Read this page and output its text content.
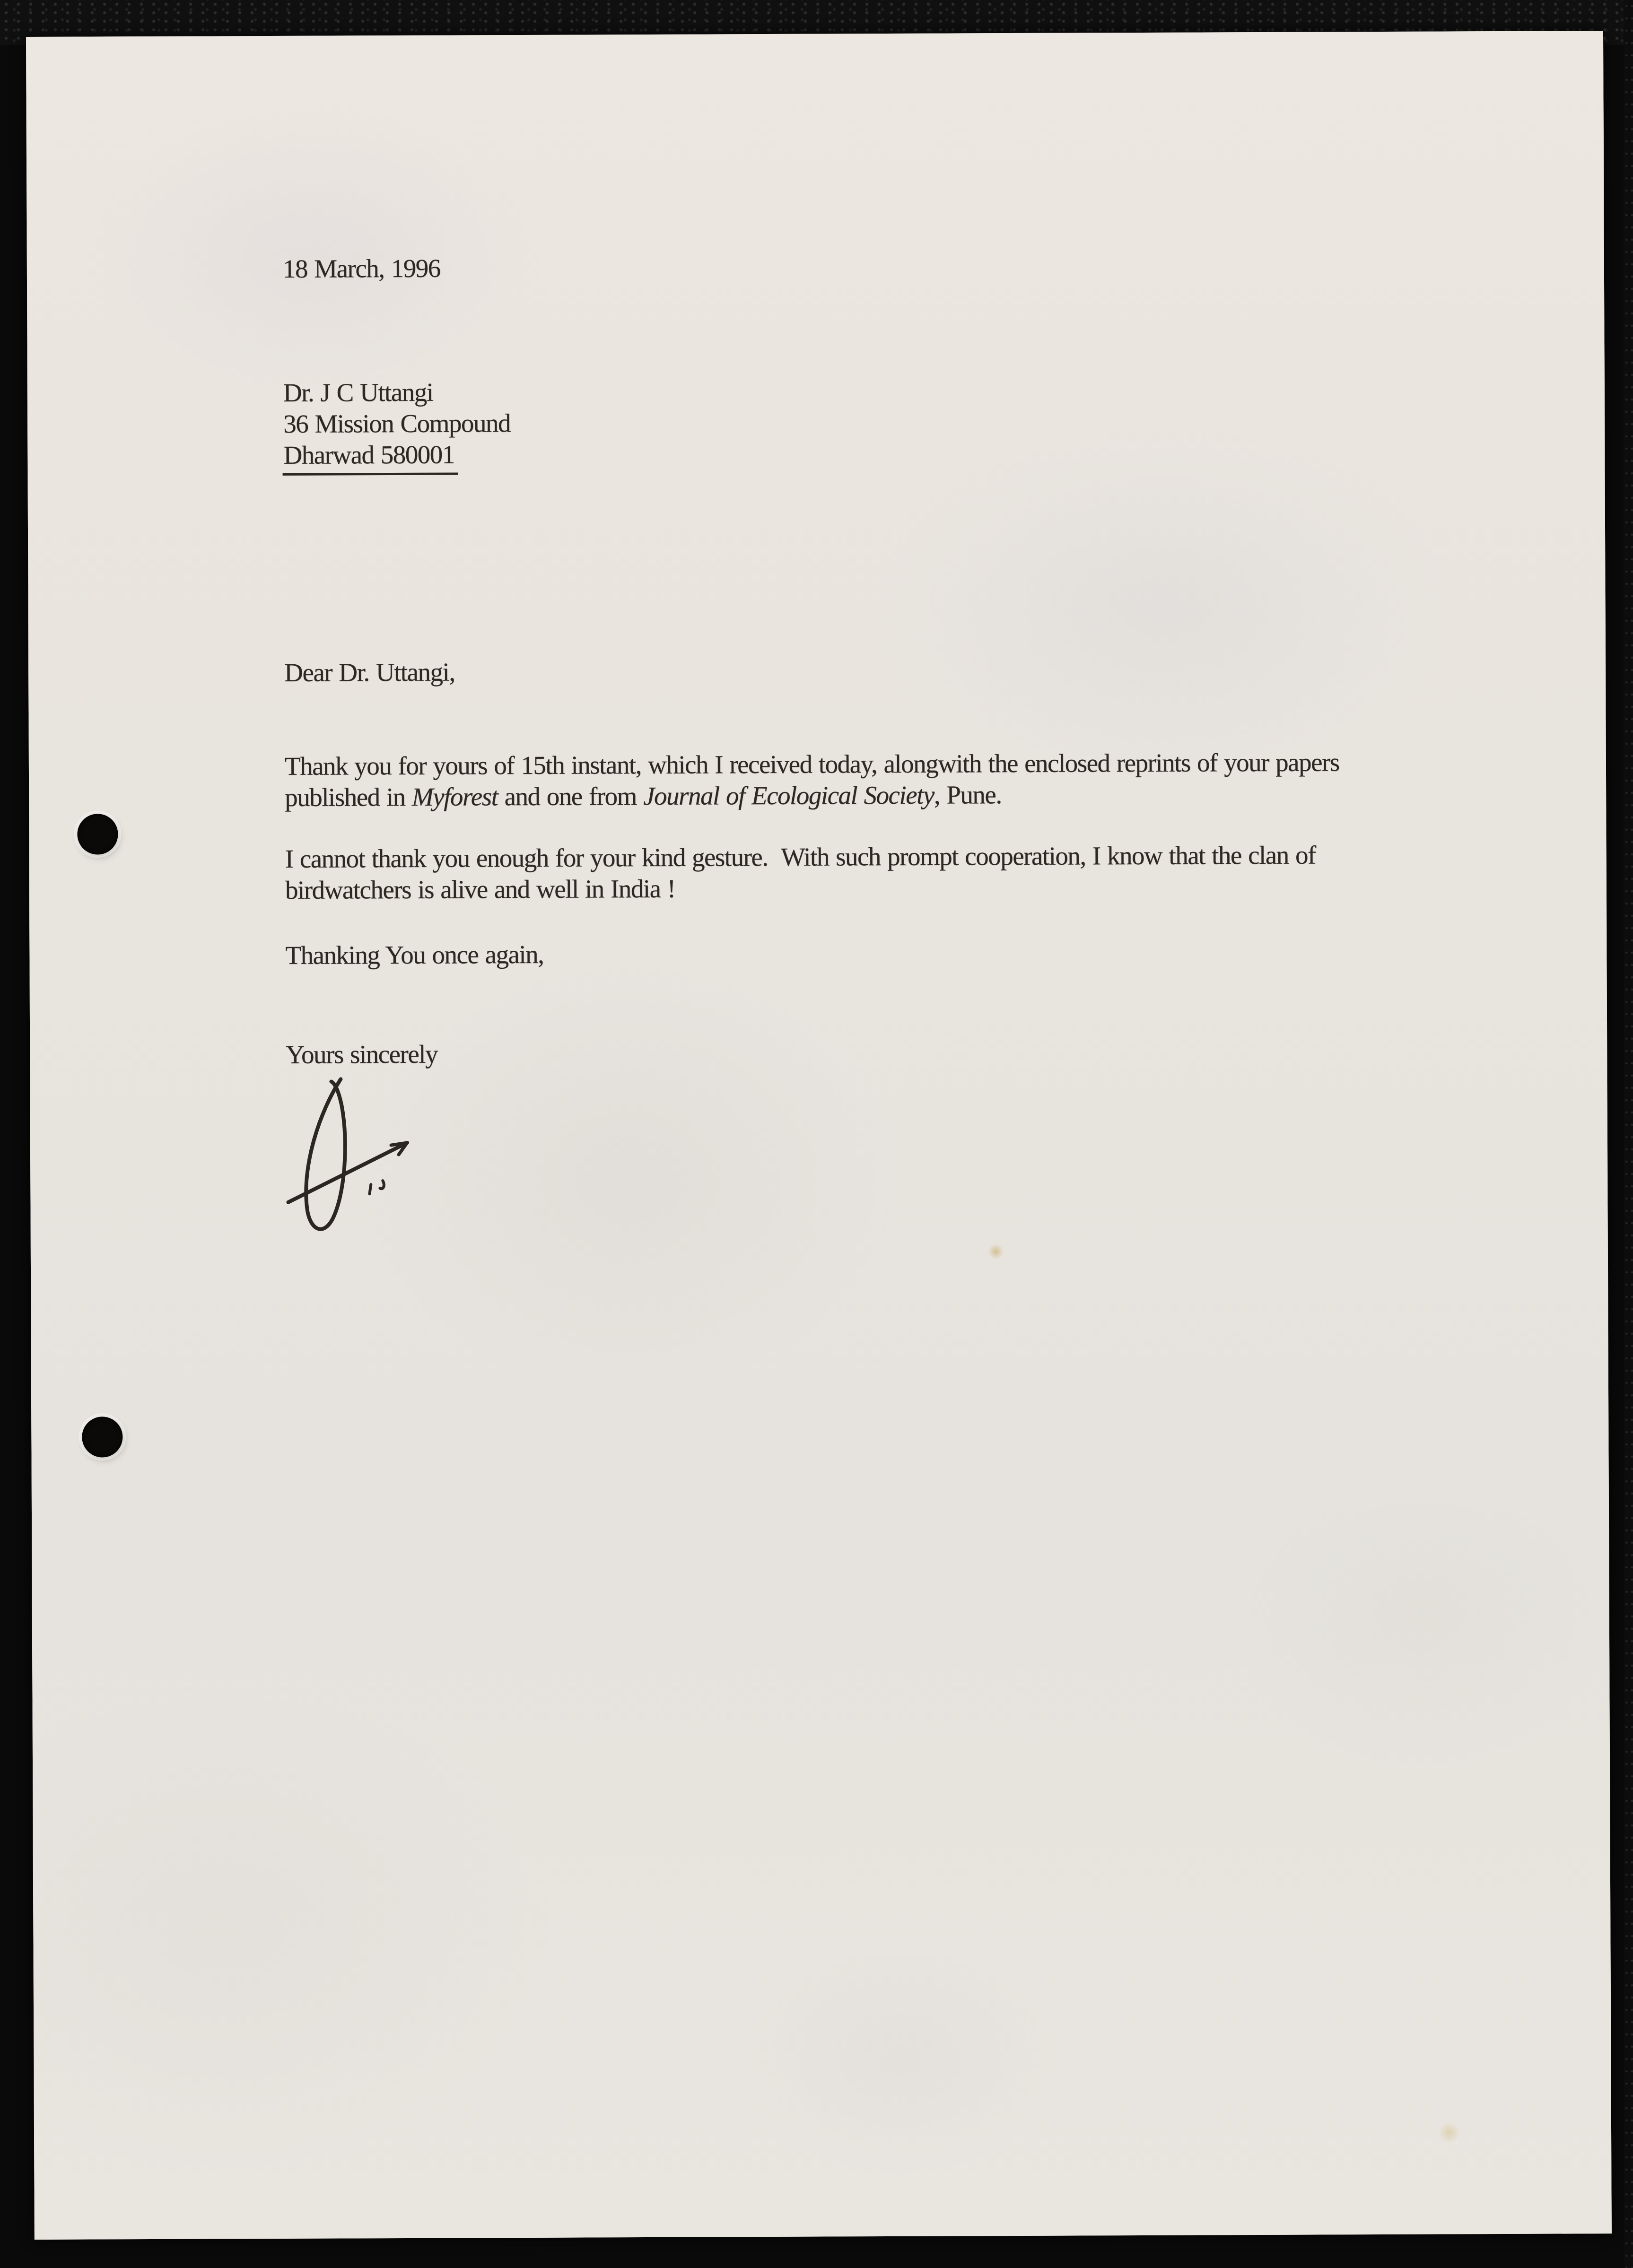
18 March, 1996
Dr. J C Uttangi
36 Mission Compound
Dharwad 580001
Dear Dr. Uttangi,
Thank you for yours of 15th instant, which I received today, alongwith the enclosed reprints of your papers
published in Myforest and one from Journal of Ecological Society, Pune.
I cannot thank you enough for your kind gesture.  With such prompt cooperation, I know that the clan of
birdwatchers is alive and well in India !
Thanking You once again,
Yours sincerely
